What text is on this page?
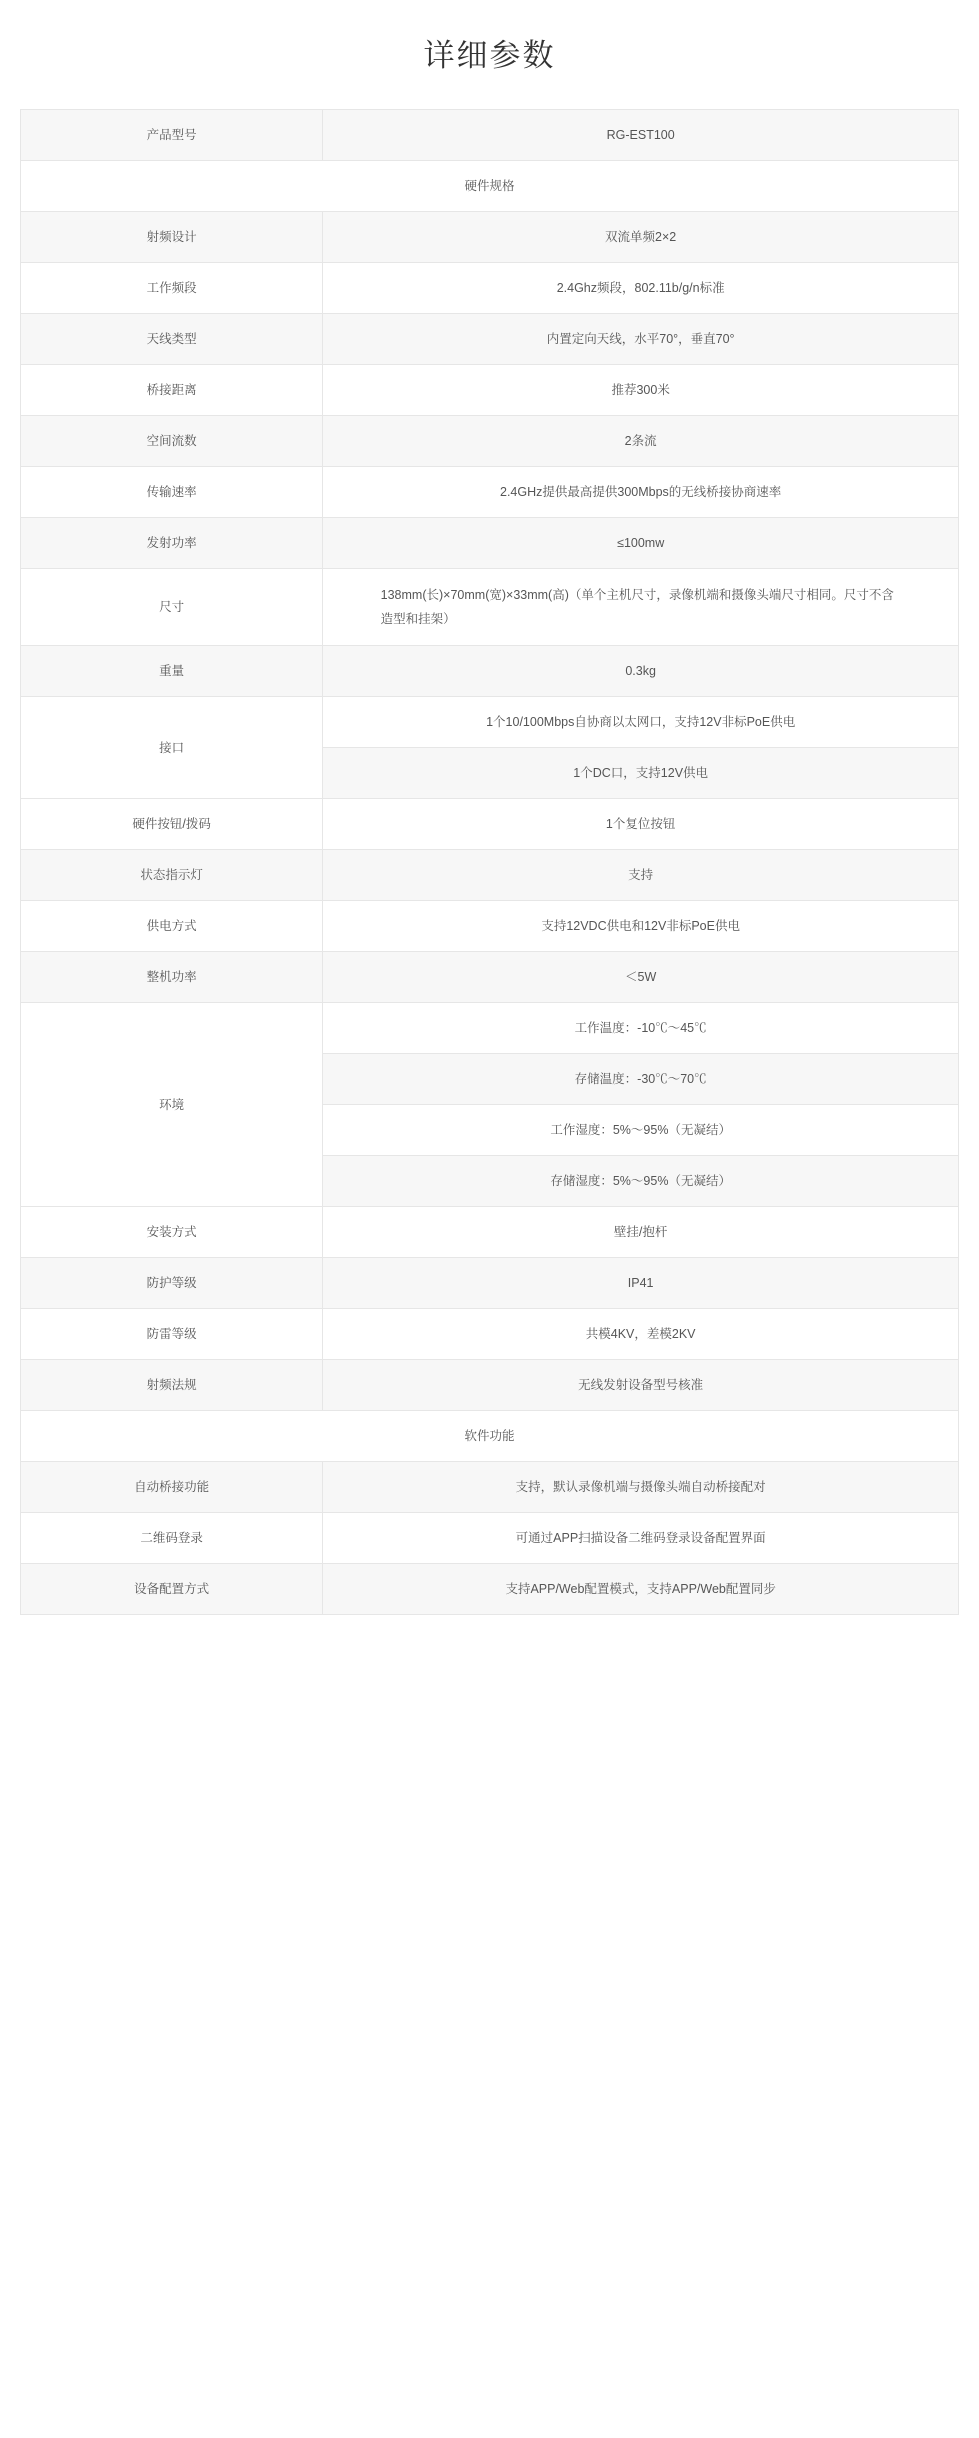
详细参数
产品型号	RG-EST100

硬件规格	
射频设计	双流单频2×2

工作频段	2.4Ghz频段，802.11b/g/n标准

天线类型	内置定向天线，水平70°，垂直70°

桥接距离	推荐300米

空间流数	2条流

传输速率	2.4GHz提供最高提供300Mbps的无线桥接协商速率

发射功率	≤100mw

尺寸	138mm(长)×70mm(宽)×33mm(高)（单个主机尺寸，录像机端和摄像头端尺寸相同。尺寸不含造型和挂架）

重量	0.3kg

接口	1个10/100Mbps自协商以太网口，支持12V非标PoE供电

	1个DC口，支持12V供电

硬件按钮/拨码	1个复位按钮

状态指示灯	支持

供电方式	支持12VDC供电和12V非标PoE供电

整机功率	＜5W

环境	工作温度：-10℃～45℃

	存储温度：-30℃～70℃

	工作湿度：5%～95%（无凝结）

	存储湿度：5%～95%（无凝结）

安装方式	壁挂/抱杆

防护等级	IP41

防雷等级	共模4KV，差模2KV

射频法规	无线发射设备型号核准

软件功能	
自动桥接功能	支持，默认录像机端与摄像头端自动桥接配对

二维码登录	可通过APP扫描设备二维码登录设备配置界面

设备配置方式	支持APP/Web配置模式，支持APP/Web配置同步
